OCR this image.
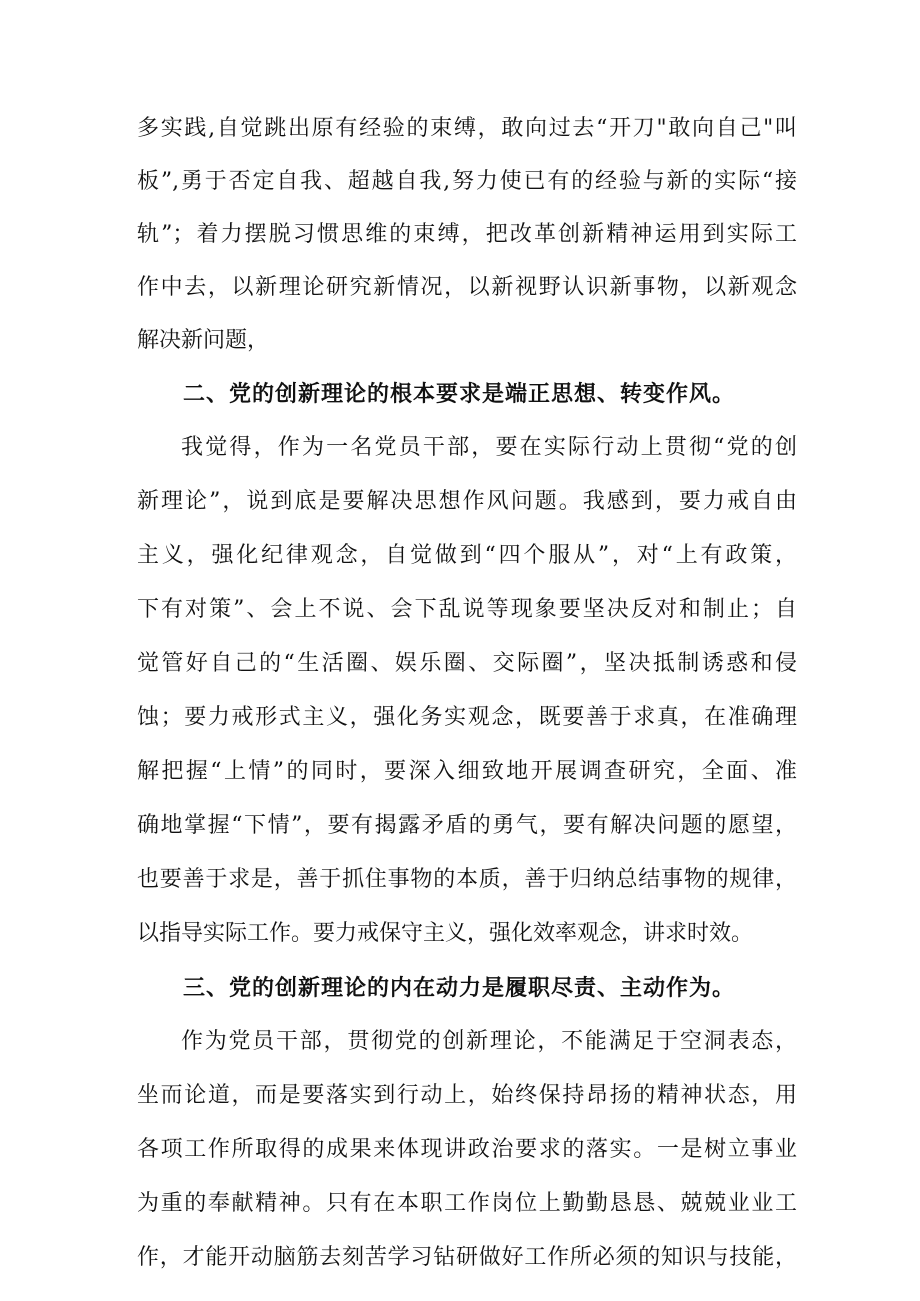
多实践,自觉跳出原有经验的束缚，敢向过去“开刀"敢向自己"叫
板”,勇于否定自我、超越自我,努力使已有的经验与新的实际“接
轨”；着力摆脱习惯思维的束缚，把改革创新精神运用到实际工
作中去，以新理论研究新情况，以新视野认识新事物，以新观念
解决新问题，
二、党的创新理论的根本要求是端正思想、转变作风。
我觉得，作为一名党员干部，要在实际行动上贯彻“党的创
新理论”，说到底是要解决思想作风问题。我感到，要力戒自由
主义，强化纪律观念，自觉做到“四个服从”，对“上有政策，
下有对策”、会上不说、会下乱说等现象要坚决反对和制止；自
觉管好自己的“生活圈、娱乐圈、交际圈”，坚决抵制诱惑和侵
蚀；要力戒形式主义，强化务实观念，既要善于求真，在准确理
解把握“上情”的同时，要深入细致地开展调查研究，全面、准
确地掌握“下情”，要有揭露矛盾的勇气，要有解决问题的愿望，
也要善于求是，善于抓住事物的本质，善于归纳总结事物的规律，
以指导实际工作。要力戒保守主义，强化效率观念，讲求时效。
三、党的创新理论的内在动力是履职尽责、主动作为。
作为党员干部，贯彻党的创新理论，不能满足于空洞表态，
坐而论道，而是要落实到行动上，始终保持昂扬的精神状态，用
各项工作所取得的成果来体现讲政治要求的落实。一是树立事业
为重的奉献精神。只有在本职工作岗位上勤勤恳恳、兢兢业业工
作，才能开动脑筋去刻苦学习钻研做好工作所必须的知识与技能，
